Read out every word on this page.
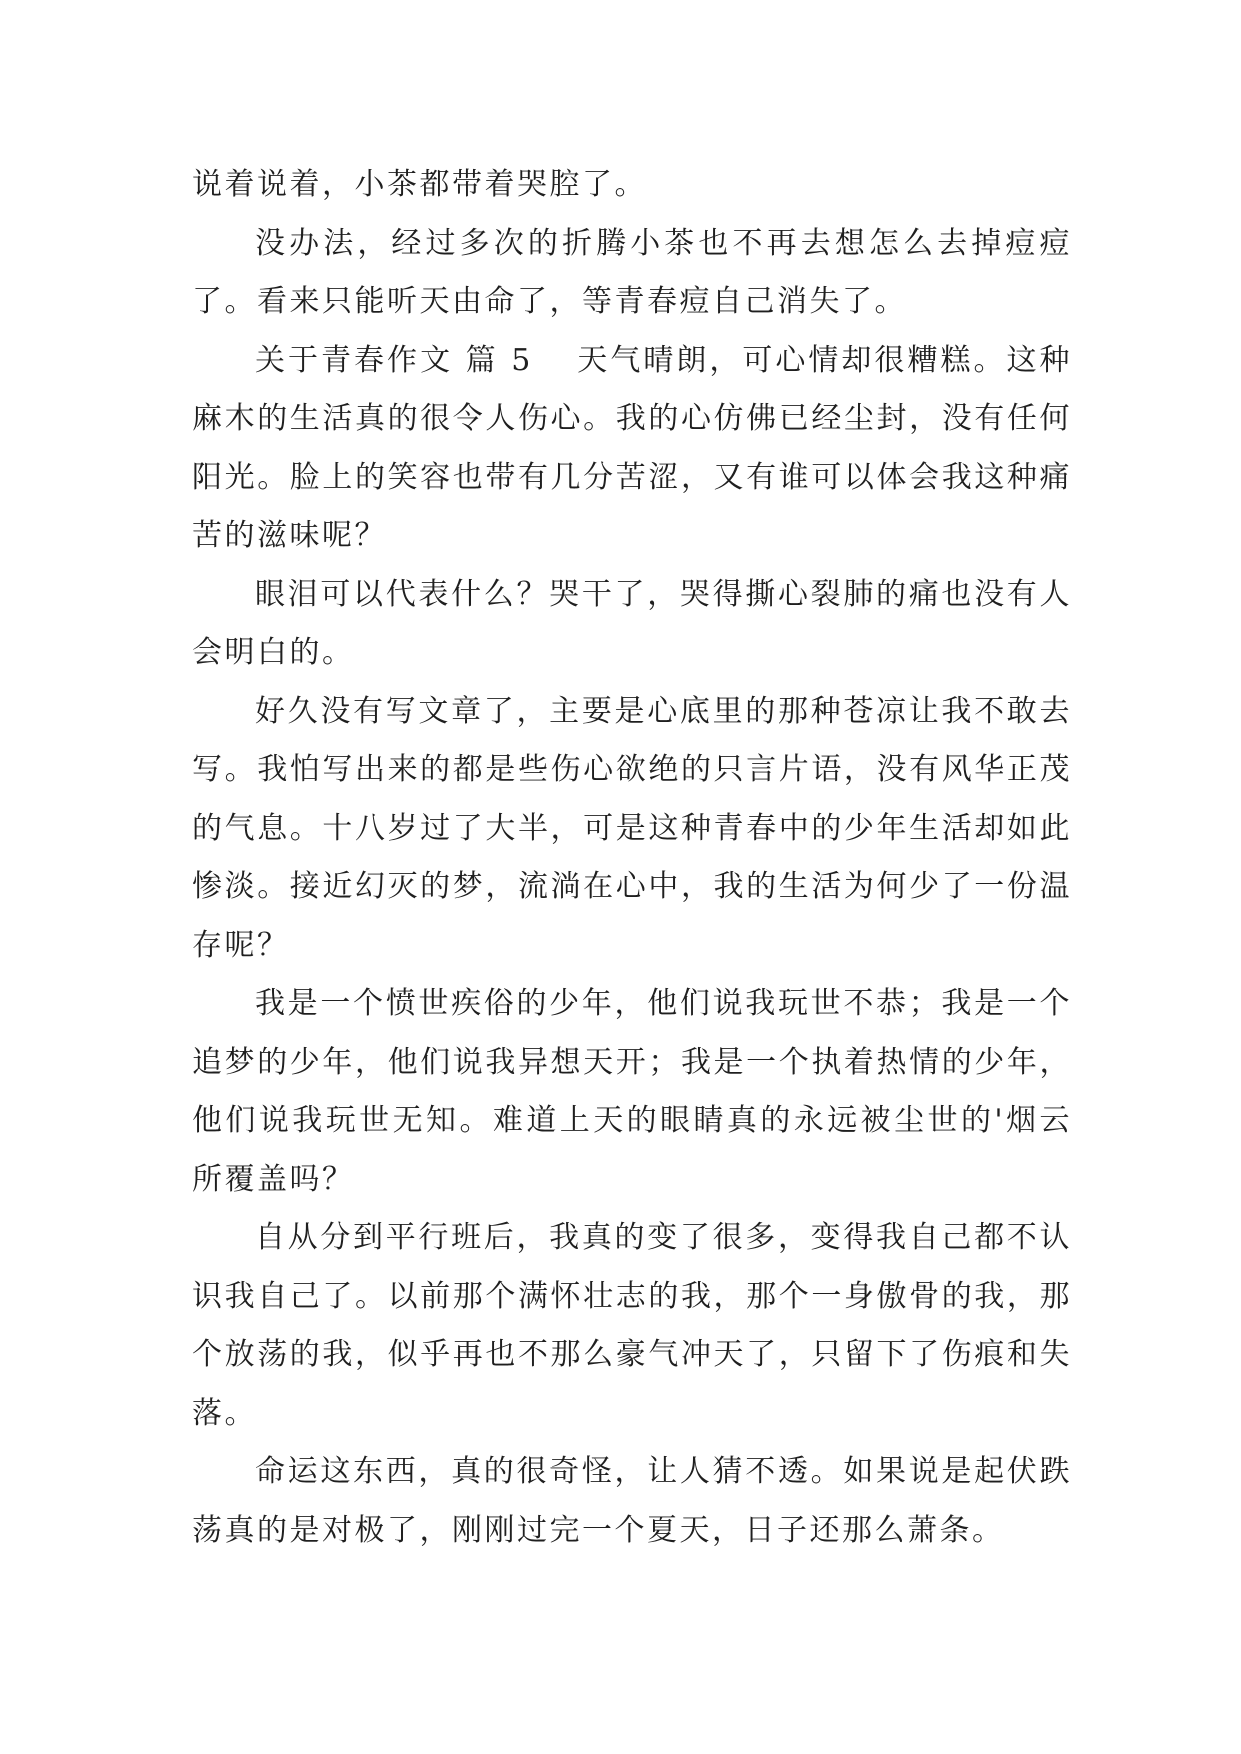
说着说着，小茶都带着哭腔了。

没办法，经过多次的折腾小茶也不再去想怎么去掉痘痘了。看来只能听天由命了，等青春痘自己消失了。

关于青春作文 篇 5 天气晴朗，可心情却很糟糕。这种麻木的生活真的很令人伤心。我的心仿佛已经尘封，没有任何阳光。脸上的笑容也带有几分苦涩，又有谁可以体会我这种痛苦的滋味呢？

眼泪可以代表什么？哭干了，哭得撕心裂肺的痛也没有人会明白的。

好久没有写文章了，主要是心底里的那种苍凉让我不敢去写。我怕写出来的都是些伤心欲绝的只言片语，没有风华正茂的气息。十八岁过了大半，可是这种青春中的少年生活却如此惨淡。接近幻灭的梦，流淌在心中，我的生活为何少了一份温存呢？

我是一个愤世疾俗的少年，他们说我玩世不恭；我是一个追梦的少年，他们说我异想天开；我是一个执着热情的少年，他们说我玩世无知。难道上天的眼睛真的永远被尘世的'烟云所覆盖吗？

自从分到平行班后，我真的变了很多，变得我自己都不认识我自己了。以前那个满怀壮志的我，那个一身傲骨的我，那个放荡的我，似乎再也不那么豪气冲天了，只留下了伤痕和失落。

命运这东西，真的很奇怪，让人猜不透。如果说是起伏跌荡真的是对极了，刚刚过完一个夏天，日子还那么萧条。
